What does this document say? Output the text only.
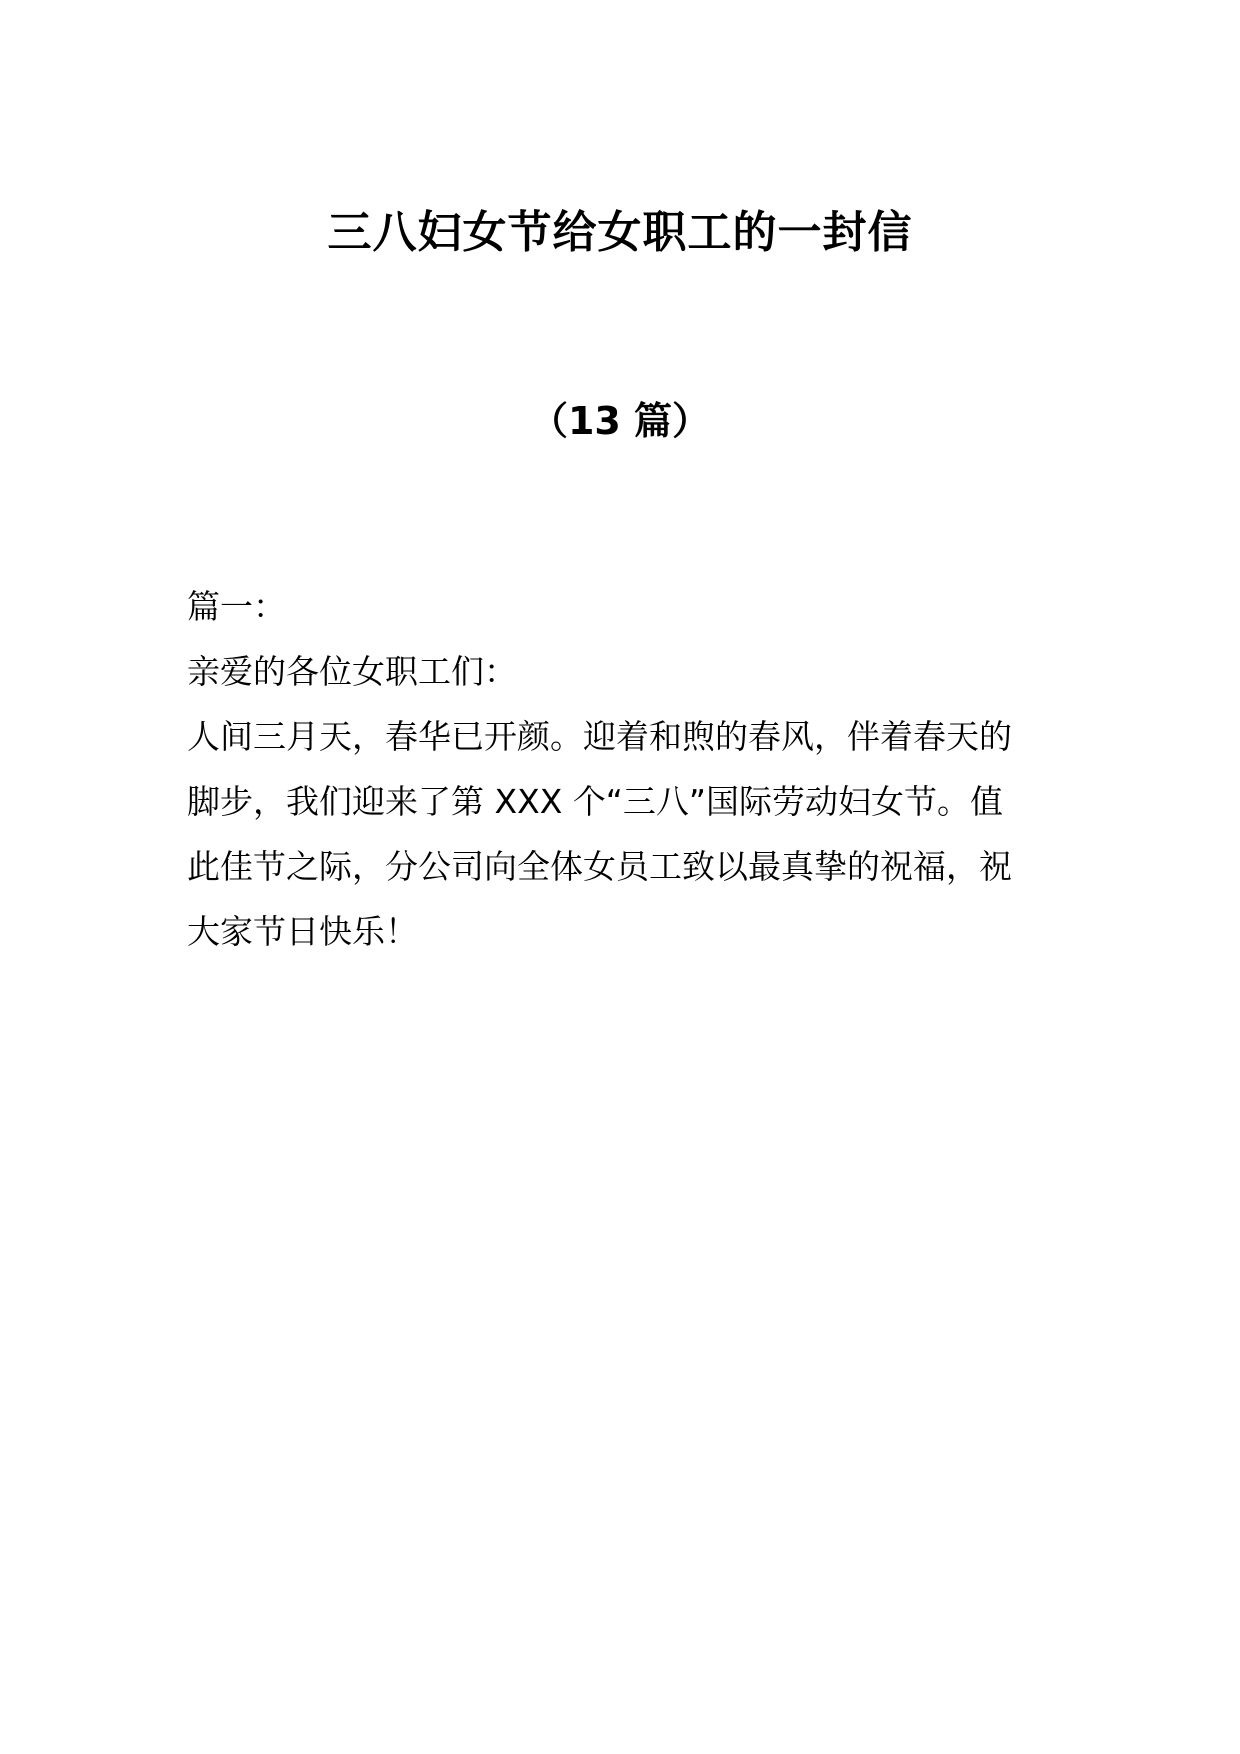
三八妇女节给女职工的一封信
（13 篇）

篇一：

亲爱的各位女职工们：

人间三月天，春华已开颜。迎着和煦的春风，伴着春天的

脚步，我们迎来了第 XXX 个“三八”国际劳动妇女节。值

此佳节之际，分公司向全体女员工致以最真挚的祝福，祝

大家节日快乐！
